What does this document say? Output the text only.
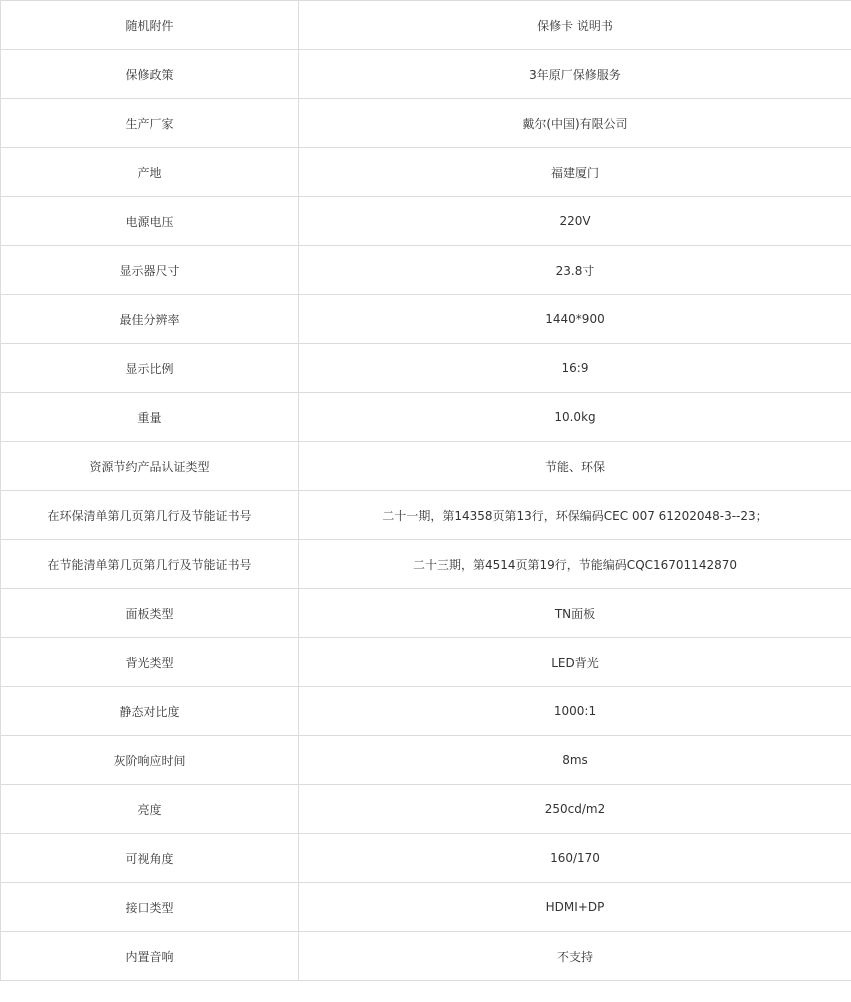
随机附件	保修卡 说明书
保修政策	3年原厂保修服务
生产厂家	戴尔(中国)有限公司
产地	福建厦门
电源电压	220V
显示器尺寸	23.8寸
最佳分辨率	1440*900
显示比例	16:9
重量	10.0kg
资源节约产品认证类型	节能、环保
在环保清单第几页第几行及节能证书号	二十一期，第14358页第13行，环保编码CEC 007 61202048-3--23；
在节能清单第几页第几行及节能证书号	二十三期，第4514页第19行，节能编码CQC16701142870
面板类型	TN面板
背光类型	LED背光
静态对比度	1000:1
灰阶响应时间	8ms
亮度	250cd/m2
可视角度	160/170
接口类型	HDMI+DP
内置音响	不支持
